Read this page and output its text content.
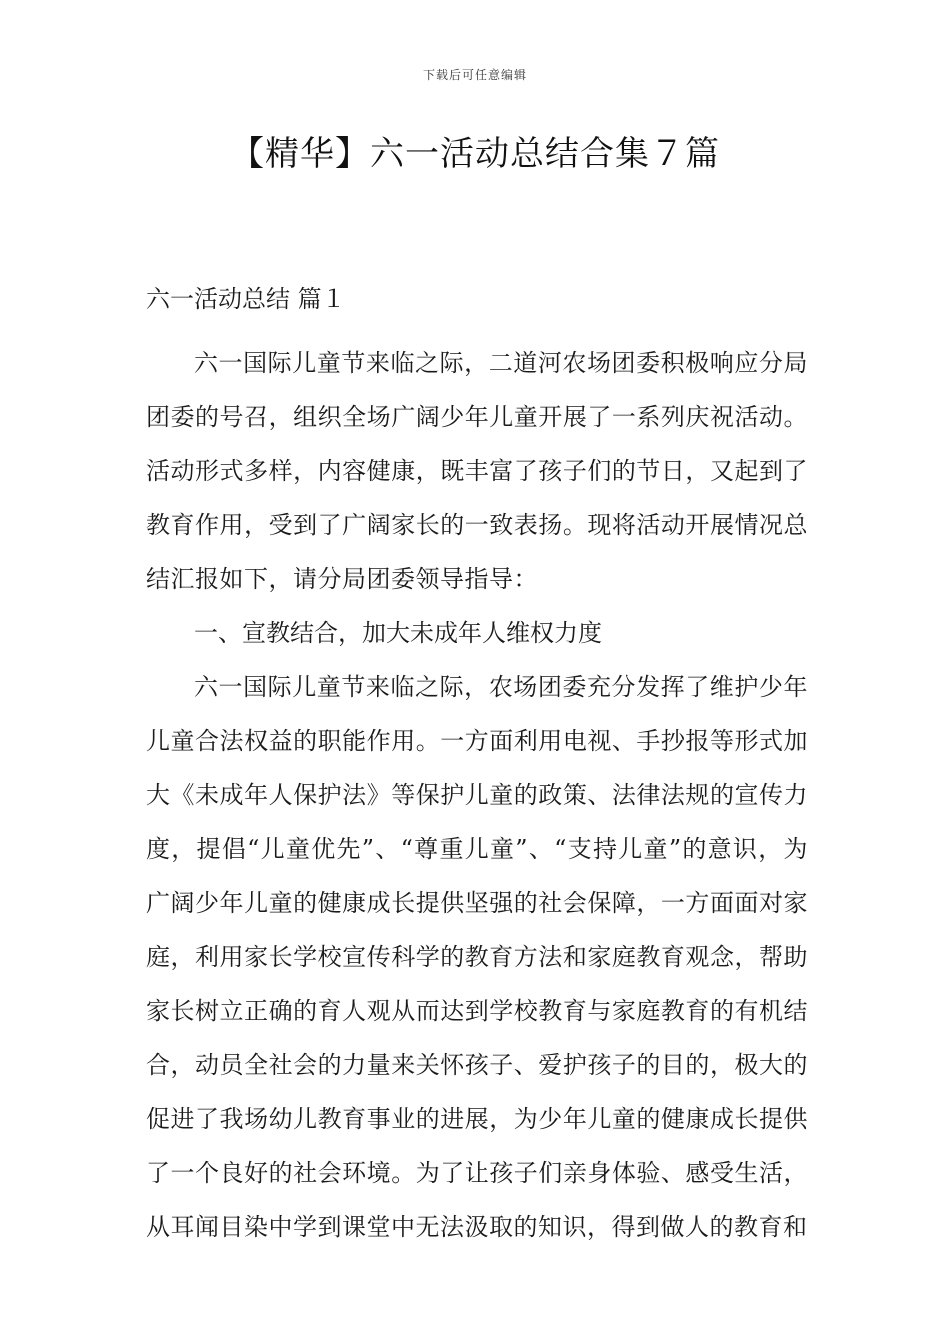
下载后可任意编辑
【精华】六一活动总结合集７篇
六一活动总结 篇１

六一国际儿童节来临之际，二道河农场团委积极响应分局团委的号召，组织全场广阔少年儿童开展了一系列庆祝活动。活动形式多样，内容健康，既丰富了孩子们的节日，又起到了教育作用，受到了广阔家长的一致表扬。现将活动开展情况总结汇报如下，请分局团委领导指导：

一、宣教结合，加大未成年人维权力度

六一国际儿童节来临之际，农场团委充分发挥了维护少年儿童合法权益的职能作用。一方面利用电视、手抄报等形式加大《未成年人保护法》等保护儿童的政策、法律法规的宣传力度，提倡“儿童优先”、“尊重儿童”、“支持儿童”的意识，为广阔少年儿童的健康成长提供坚强的社会保障，一方面面对家庭，利用家长学校宣传科学的教育方法和家庭教育观念，帮助家长树立正确的育人观从而达到学校教育与家庭教育的有机结合，动员全社会的力量来关怀孩子、爱护孩子的目的，极大的促进了我场幼儿教育事业的进展，为少年儿童的健康成长提供了一个良好的社会环境。为了让孩子们亲身体验、感受生活，从耳闻目染中学到课堂中无法汲取的知识，得到做人的教育和
